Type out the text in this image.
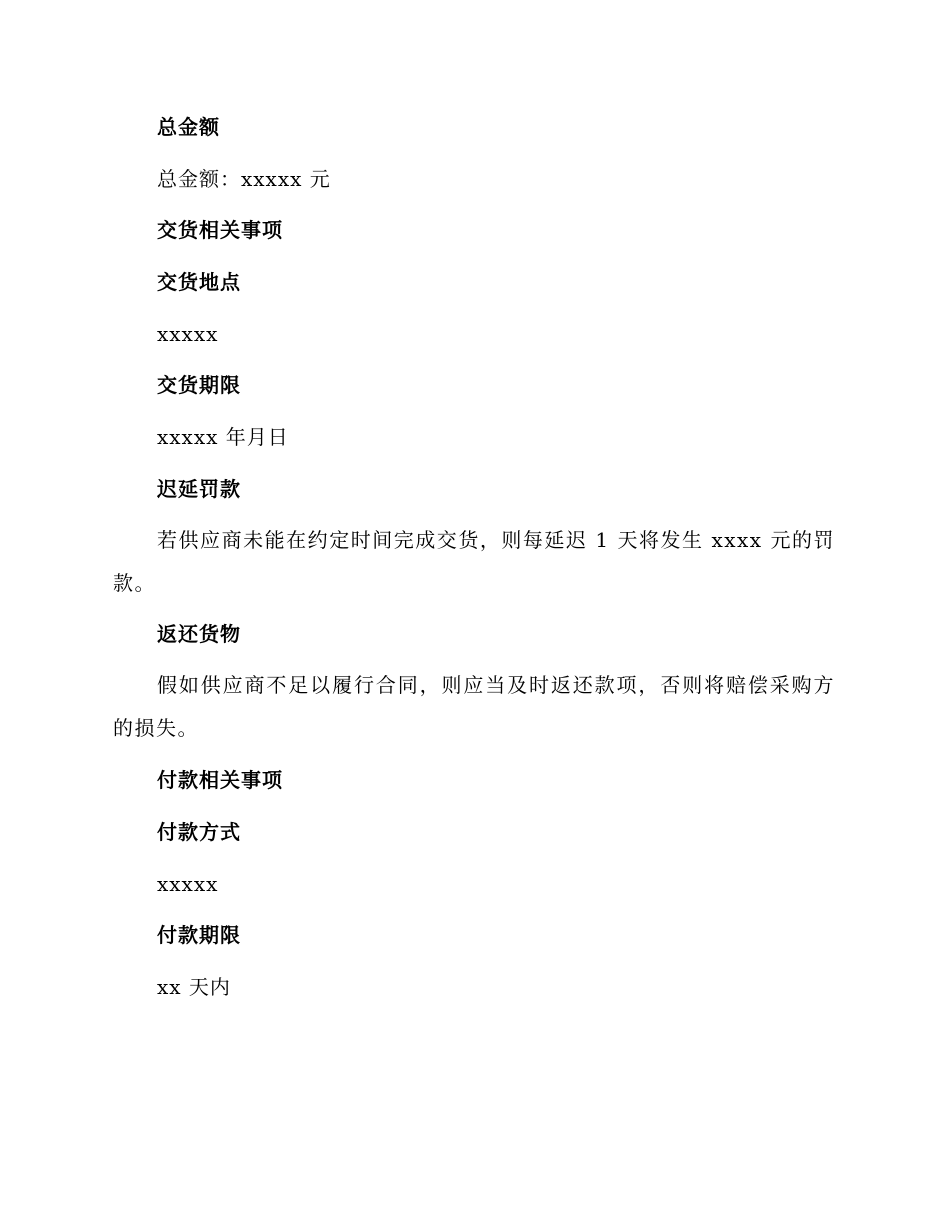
总金额
总金额：xxxxx 元
交货相关事项
交货地点
xxxxx
交货期限
xxxxx 年月日
迟延罚款
若供应商未能在约定时间完成交货，则每延迟 1 天将发生 xxxx 元的罚款。
返还货物
假如供应商不足以履行合同，则应当及时返还款项，否则将赔偿采购方的损失。
付款相关事项
付款方式
xxxxx
付款期限
xx 天内
